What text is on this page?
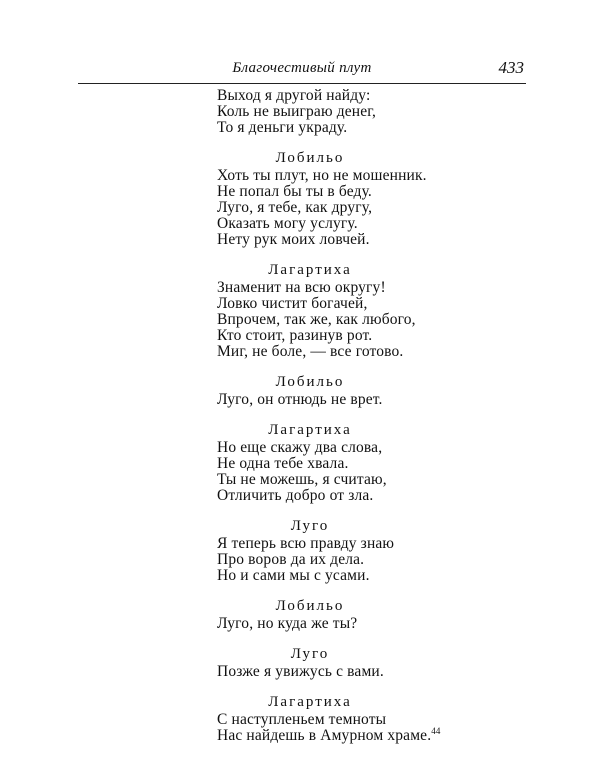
Благочестивый плут	433
Выход я другой найду:
Коль не выиграю денег,
То я деньги украду.
Лобильо
Хоть ты плут, но не мошенник.
Не попал бы ты в беду.
Луго, я тебе, как другу,
Оказать могу услугу.
Нету рук моих ловчей.
Лагартиха
Знаменит на всю округу!
Ловко чистит богачей,
Впрочем, так же, как любого,
Кто стоит, разинув рот.
Миг, не боле, — все готово.
Лобильо
Луго, он отнюдь не врет.
Лагартиха
Но еще скажу два слова,
Не одна тебе хвала.
Ты не можешь, я считаю,
Отличить добро от зла.
Луго
Я теперь всю правду знаю
Про воров да их дела.
Но и сами мы с усами.
Лобильо
Луго, но куда же ты?
Луго
Позже я увижусь с вами.
Лагартиха
С наступленьем темноты
Нас найдешь в Амурном храме.$^{44}$
